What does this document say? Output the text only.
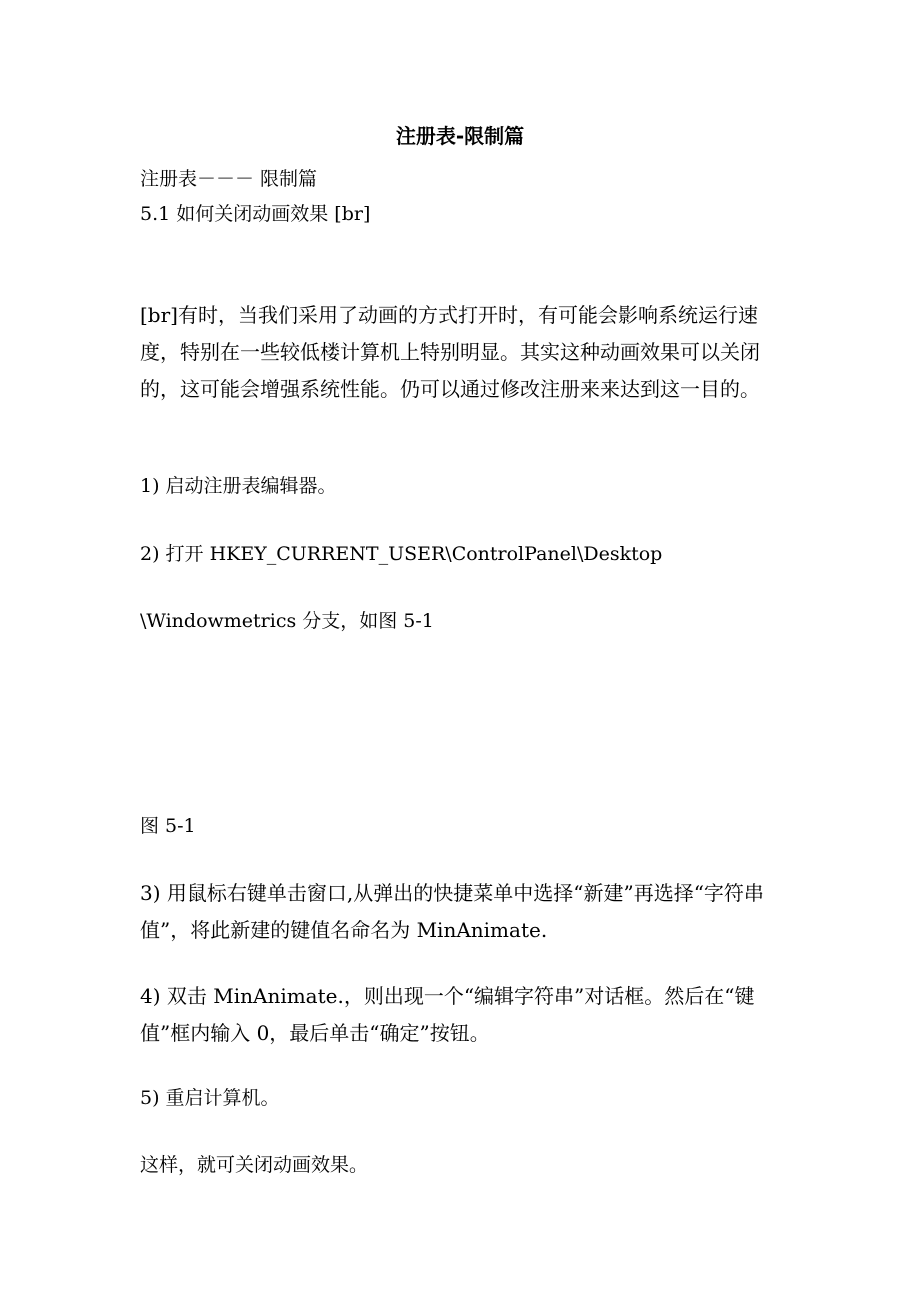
注册表-限制篇
注册表－－－ 限制篇
5.1 如何关闭动画效果 [br]
[br]有时，当我们采用了动画的方式打开时，有可能会影响系统运行速度，特别在一些较低楼计算机上特别明显。其实这种动画效果可以关闭的，这可能会增强系统性能。仍可以通过修改注册来来达到这一目的。
1) 启动注册表编辑器。
2) 打开 HKEY_CURRENT_USER\ControlPanel\Desktop
\Windowmetrics 分支，如图 5-1
图 5-1
3) 用鼠标右键单击窗口,从弹出的快捷菜单中选择“新建”再选择“字符串值”，将此新建的键值名命名为 MinAnimate.
4) 双击 MinAnimate.，则出现一个“编辑字符串”对话框。然后在“键值”框内输入 0，最后单击“确定”按钮。
5) 重启计算机。
这样，就可关闭动画效果。
